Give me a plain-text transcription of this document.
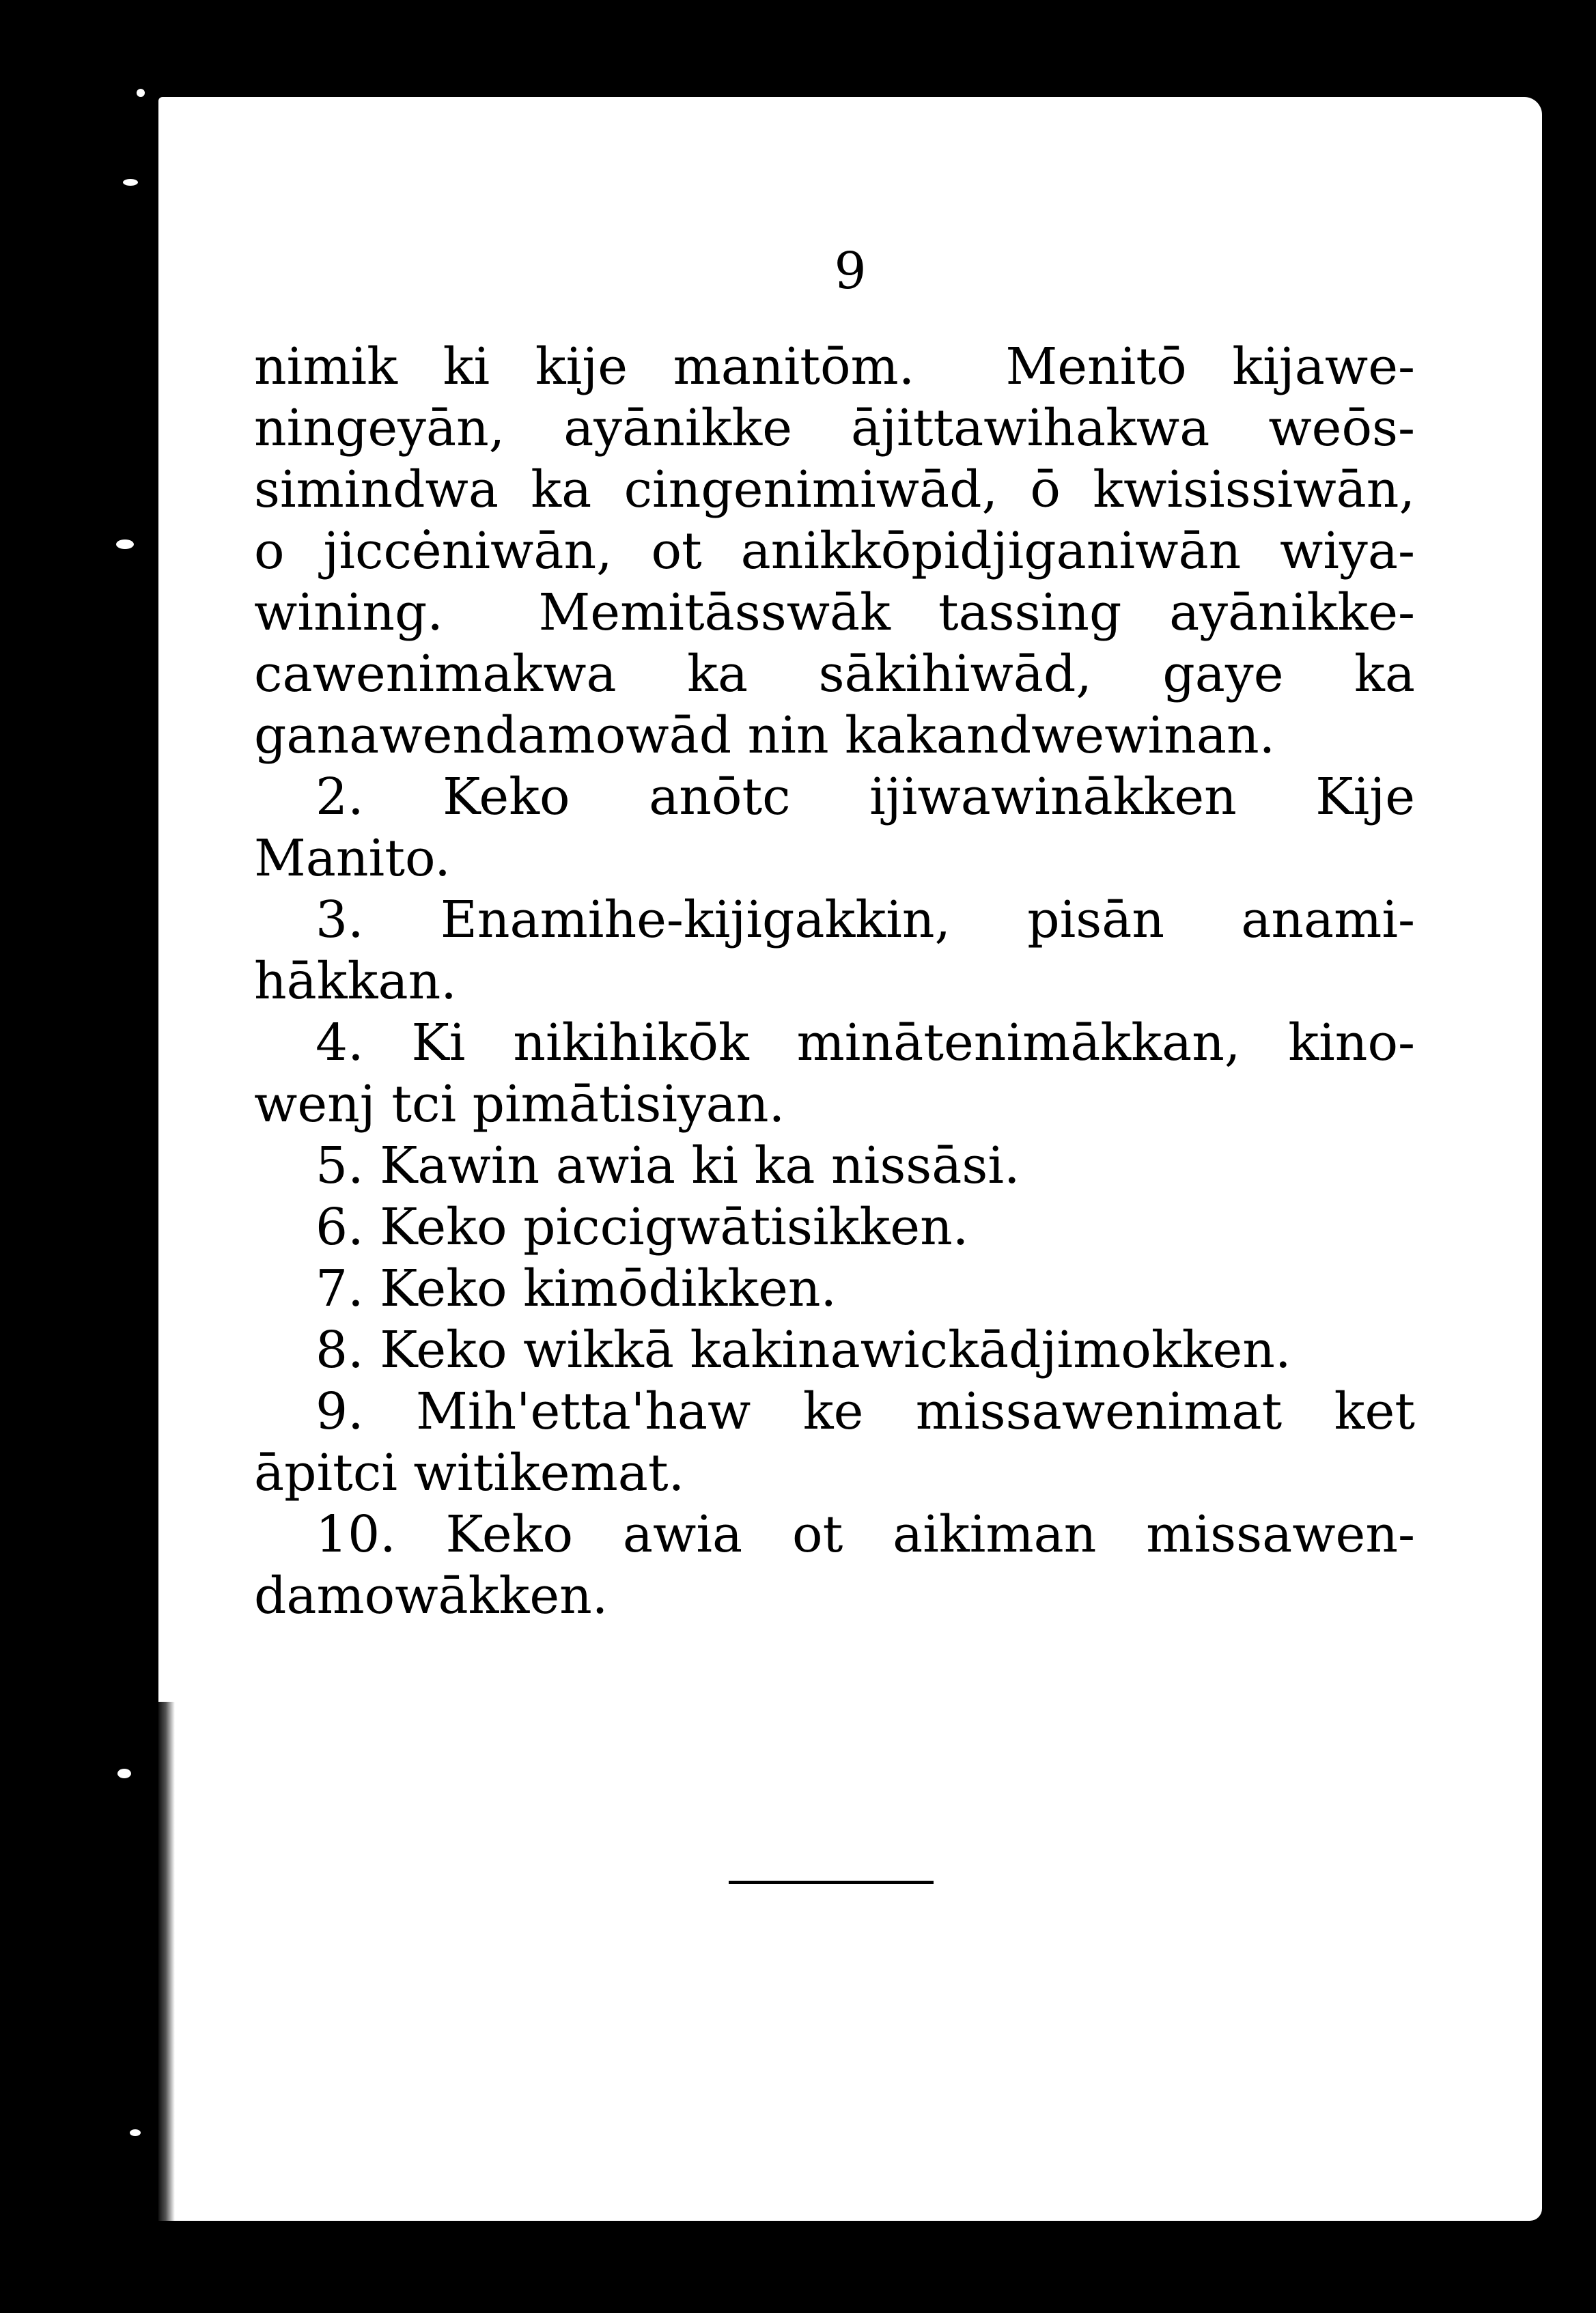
9
nimik ki kije manitōm.  Menitō kijawe-
ningeyān, ayānikke ājittawihakwa weōs-
simindwa ka cingenimiwād, ō kwisissiwān,
o jiccėniwān, ot anikkōpidjiganiwān wiya-
wining.  Memitāsswāk tassing ayānikke-
cawenimakwa ka sākihiwād, gaye ka
ganawendamowād nin kakandwewinan.
2. Keko anōtc ijiwawinākken Kije
Manito.
3. Enamihe-kijigakkin, pisān anami-
hākkan.
4. Ki nikihikōk minātenimākkan, kino-
wenj tci pimātisiyan.
5. Kawin awia ki ka nissāsi.
6. Keko piccigwātisikken.
7. Keko kimōdikken.
8. Keko wikkā kakinawickādjimokken.
9. Mih'etta'haw ke missawenimat ket
āpitci witikemat.
10. Keko awia ot aikiman missawen-
damowākken.
